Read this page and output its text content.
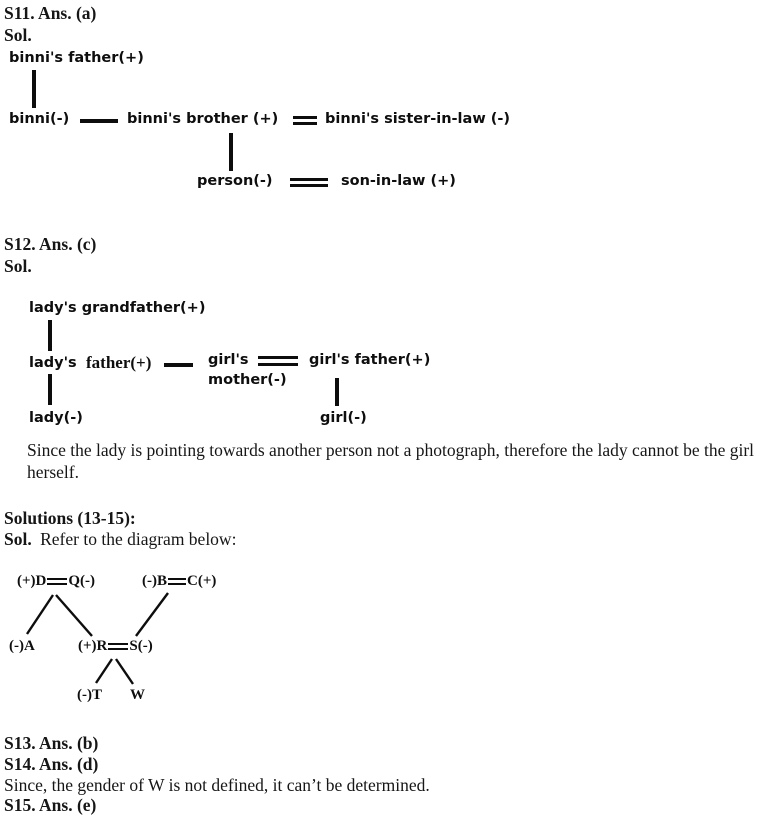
S11. Ans. (a)
Sol.
binni's father(+)
binni(-)	binni's brother (+)	binni's sister-in-law (-)
person(-)	son-in-law (+)
S12. Ans. (c)
Sol.
lady's grandfather(+)
lady's father(+)	girl's
mother(-)
girl's father(+)
lady(-)	girl(-)
Since the lady is pointing towards another person not a photograph, therefore the lady cannot be the girl herself.
Solutions (13-15):
Sol. Refer to the diagram below:
(+)D Q(-)	(-)B C(+)
(-)A	(+)R S(-)
(-)T W
S13. Ans. (b)
S14. Ans. (d)
Since, the gender of W is not defined, it can’t be determined.
S15. Ans. (e)
